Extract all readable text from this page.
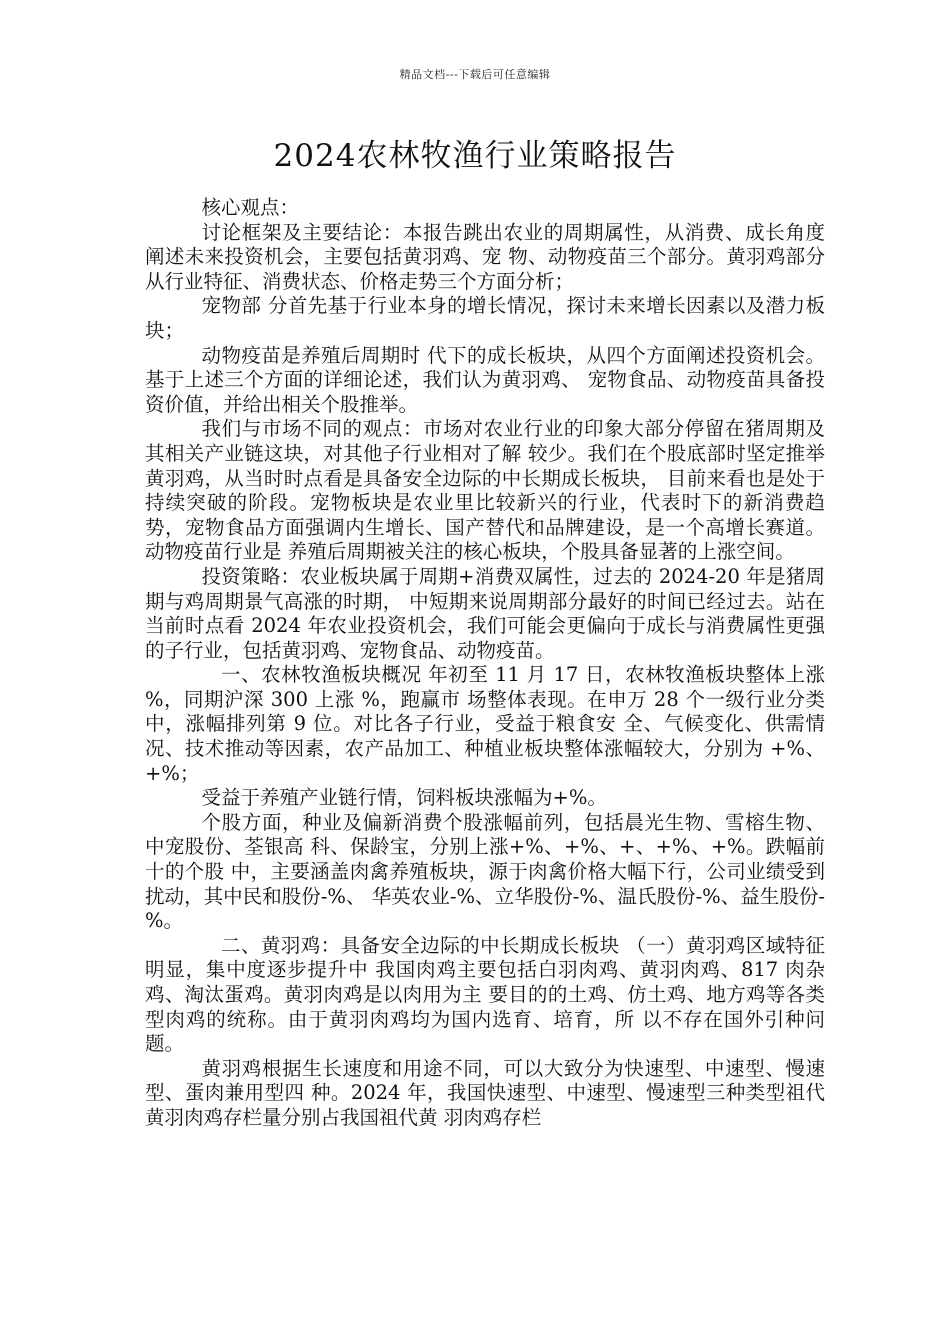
精品文档---下载后可任意编辑
2024农林牧渔行业策略报告

核心观点：

讨论框架及主要结论：本报告跳出农业的周期属性，从消费、成长角度阐述未来投资机会，主要包括黄羽鸡、宠 物、动物疫苗三个部分。黄羽鸡部分从行业特征、消费状态、价格走势三个方面分析；

宠物部 分首先基于行业本身的增长情况，探讨未来增长因素以及潜力板块；

动物疫苗是养殖后周期时 代下的成长板块，从四个方面阐述投资机会。基于上述三个方面的详细论述，我们认为黄羽鸡、 宠物食品、动物疫苗具备投资价值，并给出相关个股推举。

我们与市场不同的观点：市场对农业行业的印象大部分停留在猪周期及其相关产业链这块，对其他子行业相对了解 较少。我们在个股底部时坚定推举黄羽鸡，从当时时点看是具备安全边际的中长期成长板块， 目前来看也是处于持续突破的阶段。宠物板块是农业里比较新兴的行业，代表时下的新消费趋 势，宠物食品方面强调内生增长、国产替代和品牌建设，是一个高增长赛道。动物疫苗行业是 养殖后周期被关注的核心板块，个股具备显著的上涨空间。

投资策略：农业板块属于周期+消费双属性，过去的 2024-20 年是猪周期与鸡周期景气高涨的时期， 中短期来说周期部分最好的时间已经过去。站在当前时点看 2024 年农业投资机会，我们可能会更偏向于成长与消费属性更强的子行业，包括黄羽鸡、宠物食品、动物疫苗。

一、农林牧渔板块概况 年初至 11 月 17 日，农林牧渔板块整体上涨 %，同期沪深 300 上涨 %，跑赢市 场整体表现。在申万 28 个一级行业分类中，涨幅排列第 9 位。对比各子行业，受益于粮食安 全、气候变化、供需情况、技术推动等因素，农产品加工、种植业板块整体涨幅较大，分别为 +%、+%；

受益于养殖产业链行情，饲料板块涨幅为+%。

个股方面，种业及偏新消费个股涨幅前列，包括晨光生物、雪榕生物、中宠股份、荃银高 科、保龄宝，分别上涨+%、+%、+、+%、+%。跌幅前十的个股 中，主要涵盖肉禽养殖板块，源于肉禽价格大幅下行，公司业绩受到扰动，其中民和股份-%、 华英农业-%、立华股份-%、温氏股份-%、益生股份-%。

二、黄羽鸡：具备安全边际的中长期成长板块 （一）黄羽鸡区域特征明显，集中度逐步提升中 我国肉鸡主要包括白羽肉鸡、黄羽肉鸡、817 肉杂鸡、淘汰蛋鸡。黄羽肉鸡是以肉用为主 要目的的土鸡、仿土鸡、地方鸡等各类型肉鸡的统称。由于黄羽肉鸡均为国内选育、培育，所 以不存在国外引种问题。

黄羽鸡根据生长速度和用途不同，可以大致分为快速型、中速型、慢速型、蛋肉兼用型四 种。2024 年，我国快速型、中速型、慢速型三种类型祖代黄羽肉鸡存栏量分别占我国祖代黄 羽肉鸡存栏
